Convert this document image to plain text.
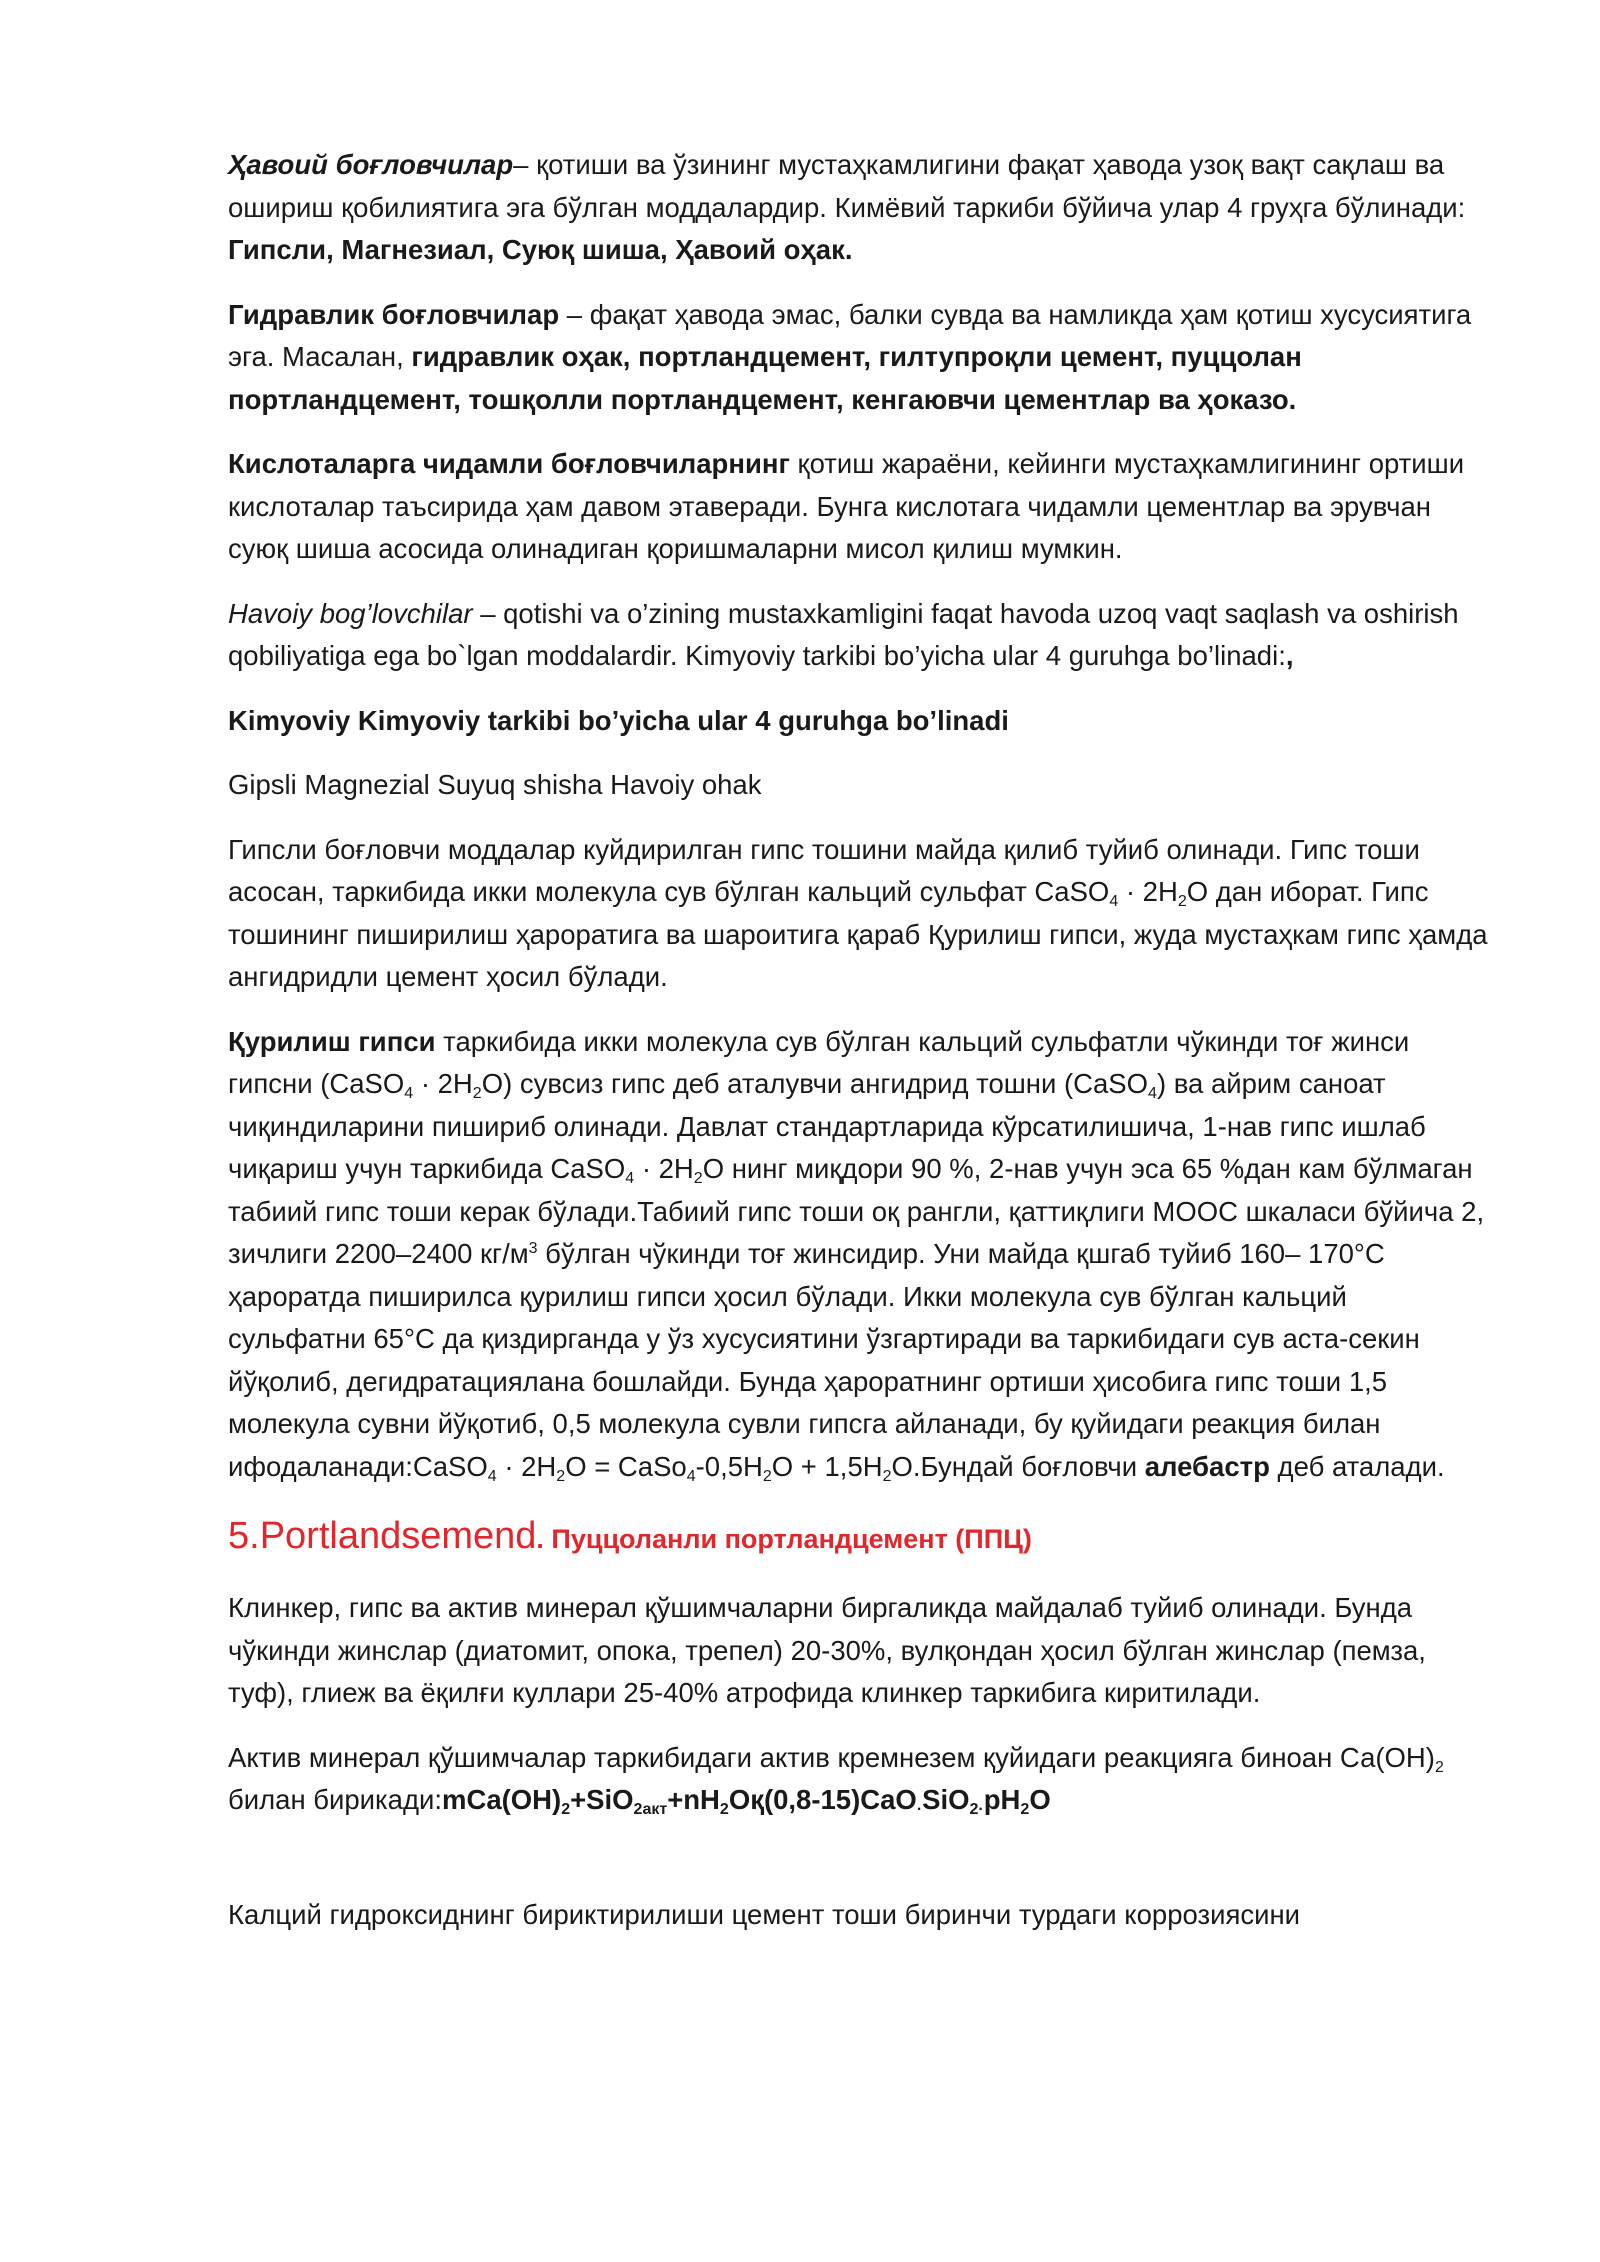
Ҳавоий боғловчилар– қотиши ва ўзининг мустаҳкамлигини фақат ҳавода узоқ вақт сақлаш ва ошириш қобилиятига эга бўлган моддалардир. Кимёвий таркиби бўйича улар 4 груҳга бўлинади: Гипсли, Магнезиал, Суюқ шиша, Ҳавоий оҳак.

Гидравлик боғловчилар – фақат ҳавода эмас, балки сувда ва намликда ҳам қотиш хусусиятига эга. Масалан, гидравлик оҳак, портландцемент, гилтупроқли цемент, пуццолан портландцемент, тошқолли портландцемент, кенгаювчи цементлар ва ҳоказо.

Кислоталарга чидамли боғловчиларнинг қотиш жараёни, кейинги мустаҳкамлигининг ортиши кислоталар таъсирида ҳам давом этаверади. Бунга кислотага чидамли цементлар ва эрувчан суюқ шиша асосида олинадиган қоришмаларни мисол қилиш мумкин.

Havoiy bog’lovchilar – qotishi va o’zining mustaxkamligini faqat havoda uzoq vaqt saqlash va oshirish qobiliyatiga ega bo`lgan moddalardir. Kimyoviy tarkibi bo’yicha ular 4 guruhga bo’linadi:,

Kimyoviy Kimyoviy tarkibi bo’yicha ular 4 guruhga bo’linadi

Gipsli Magnezial Suyuq shisha Havoiy ohak

Гипсли боғловчи моддалар куйдирилган гипс тошини майда қилиб туйиб олинади. Гипс тоши асосан, таркибида икки молекула сув бўлган кальций сульфат CaSO$_4$ · $2H_2O$ дан иборат. Гипс тошининг пиширилиш ҳароратига ва шароитига қараб Қурилиш гипси, жуда мустаҳкам гипс ҳамда ангидридли цемент ҳосил бўлади.

Қурилиш гипси таркибида икки молекула сув бўлган кальций сульфатли чўкинди тоғ жинси гипсни (CaSO$_4$ · $2H_2O$) сувсиз гипс деб аталувчи ангидрид тошни (CaSO$_4$) ва айрим саноат чиқиндиларини пишириб олинади. Давлат стандартларида кўрсатилишича, 1-нав гипс ишлаб чиқариш учун таркибида CaSO$_4$ · $2H_2O$ нинг миқдори 90 %, 2-нав учун эса 65 %дан кам бўлмаган табиий гипс тоши керак бўлади.Табиий гипс тоши оқ рангли, қаттиқлиги МООС шкаласи бўйича 2, зичлиги 2200–2400 $кг/м^3$ бўлган чўкинди тоғ жинсидир. Уни майда қшгаб туйиб 160– 170°С ҳароратда пиширилса қурилиш гипси ҳосил бўлади. Икки молекула сув бўлган кальций сульфатни 65°С да қиздирганда у ўз хусусиятини ўзгартиради ва таркибидаги сув аста-секин йўқолиб, дегидратацияланa бошлайди. Бунда ҳароратнинг ортиши ҳисобига гипс тоши 1,5 молекула сувни йўқотиб, 0,5 молекула сувли гипсга айланади, бу қуйидаги реакция билан ифодаланади:CaSO$_4$ · $2H_2O$ = $CaSo_4-0,5H_2O$ + $1,5H_2O.Бундай$ боғловчи алебастр деб аталади.

5.Portlandsemend. Пуццоланли портландцемент (ППЦ)

Клинкер, гипс ва актив минерал қўшимчаларни биргаликда майдалаб туйиб олинади. Бунда чўкинди жинслар (диатомит, опока, трепел) 20-30%, вулқондан ҳосил бўлган жинслар (пемза, туф), глиеж ва ёқилғи куллари 25-40% атрофида клинкер таркибига киритилади.

Актив минерал қўшимчалар таркибидаги актив кремнезем қуйидаги реакцияга биноан $Са(ОН)_2$ билан $бирикади:mCa(OH)_2+SiO_{2акт}+nH_2Oқ(0,8-15)CaO_\cdot SiO_{2\cdot}pH_2O$

Калций гидроксиднинг бириктирилиши цемент тоши биринчи турдаги коррозиясини
